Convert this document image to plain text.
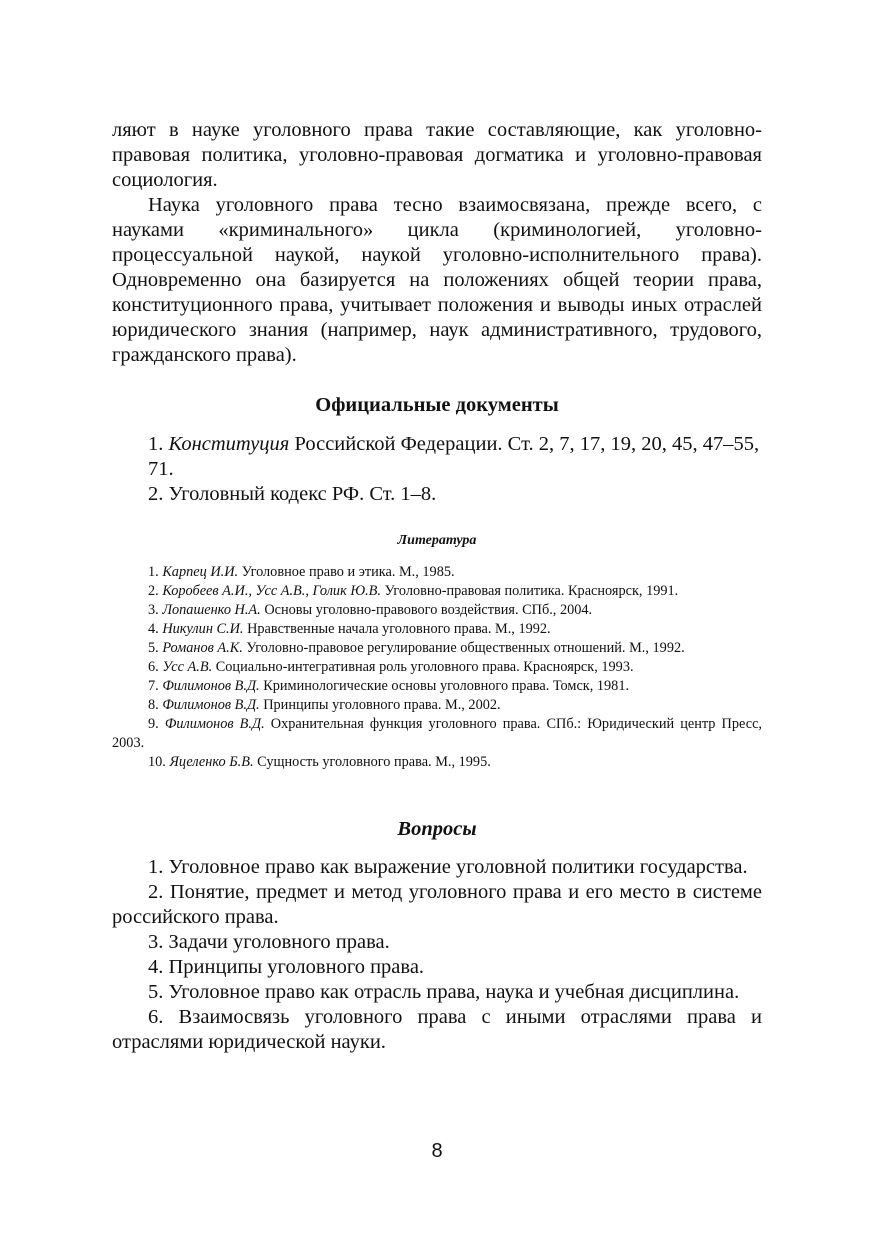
ляют в науке уголовного права такие составляющие, как уголовно-правовая политика, уголовно-правовая догматика и уголовно-правовая социология.

Наука уголовного права тесно взаимосвязана, прежде всего, с науками «криминального» цикла (криминологией, уголовно-процессуальной наукой, наукой уголовно-исполнительного права). Одновременно она базируется на положениях общей теории права, конституционного права, учитывает положения и выводы иных отраслей юридического знания (например, наук административного, трудового, гражданского права).

Официальные документы

1. Конституция Российской Федерации. Ст. 2, 7, 17, 19, 20, 45, 47–55, 71.

2. Уголовный кодекс РФ. Ст. 1–8.

Литература

1. Карпец И.И. Уголовное право и этика. М., 1985.

2. Коробеев А.И., Усс А.В., Голик Ю.В. Уголовно-правовая политика. Красноярск, 1991.

3. Лопашенко Н.А. Основы уголовно-правового воздействия. СПб., 2004.

4. Никулин С.И. Нравственные начала уголовного права. М., 1992.

5. Романов А.К. Уголовно-правовое регулирование общественных отношений. М., 1992.

6. Усс А.В. Социально-интегративная роль уголовного права. Красноярск, 1993.

7. Филимонов В.Д. Криминологические основы уголовного права. Томск, 1981.

8. Филимонов В.Д. Принципы уголовного права. М., 2002.

9. Филимонов В.Д. Охранительная функция уголовного права. СПб.: Юридический центр Пресс, 2003.

10. Яцеленко Б.В. Сущность уголовного права. М., 1995.

Вопросы

1. Уголовное право как выражение уголовной политики государства.

2. Понятие, предмет и метод уголовного права и его место в системе российского права.

3. Задачи уголовного права.

4. Принципы уголовного права.

5. Уголовное право как отрасль права, наука и учебная дисциплина.

6. Взаимосвязь уголовного права с иными отраслями права и отраслями юридической науки.

8
